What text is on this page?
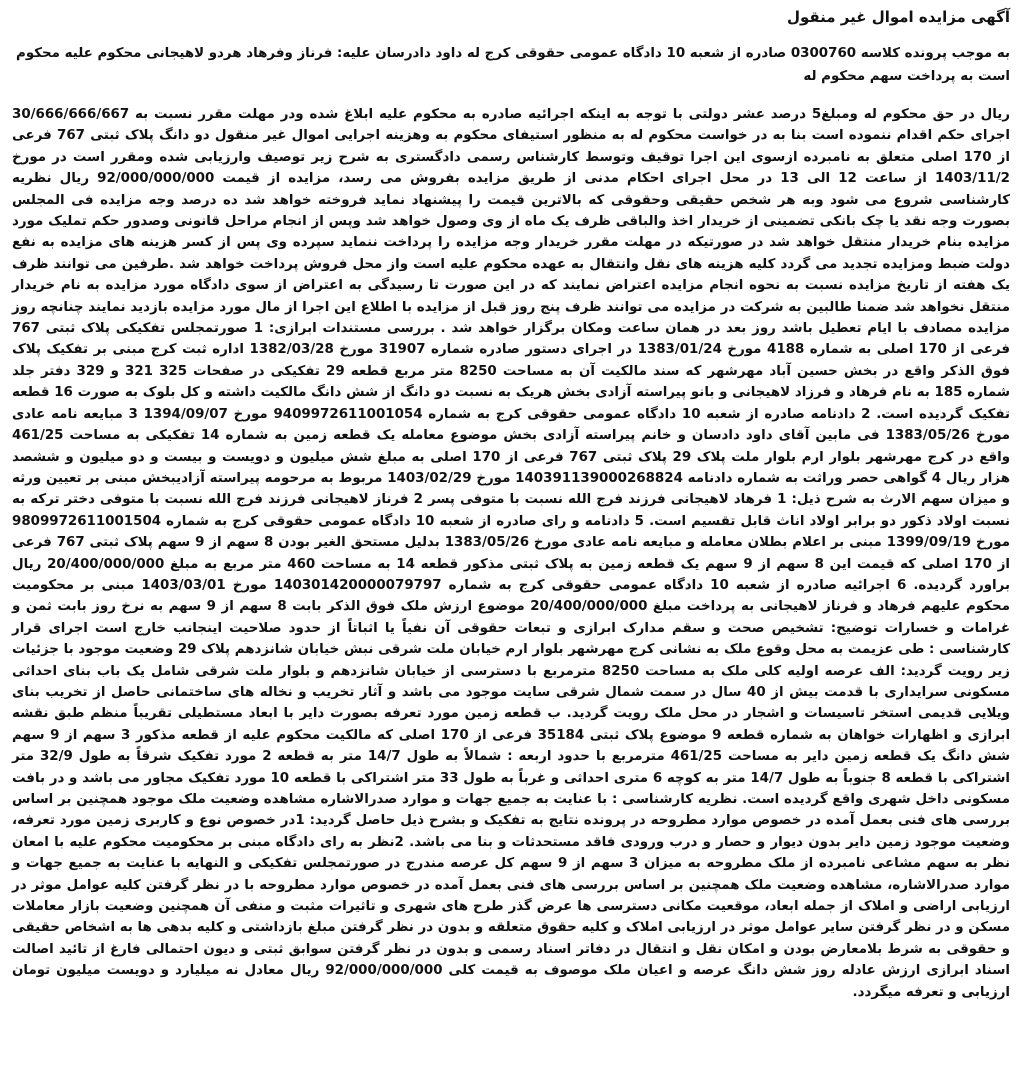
آگهی مزایده اموال غیر منقول
به موجب پرونده کلاسه 0300760 صادره از شعبه 10 دادگاه عمومی حقوقی کرج له داود دادرسان علیه: فرناز وفرهاد هردو لاهیجانی محکوم علیه محکوم است به پرداخت سهم محکوم له

ریال در حق محکوم له ومبلغ5 درصد عشر دولتی با توجه به اینکه اجرائیه صادره به محکوم علیه ابلاغ شده ودر مهلت مقرر نسبت به 30/666/666/667 اجرای حکم اقدام ننموده است بنا به در خواست محکوم له به منظور استیفای محکوم به وهزینه اجرایی اموال غیر منقول دو دانگ پلاک ثبتی 767 فرعی از 170 اصلی متعلق به نامبرده ازسوی این اجرا توقیف وتوسط کارشناس رسمی دادگستری به شرح زیر توصیف وارزیابی شده ومقرر است در مورخ 1403/11/2 از ساعت 12 الی 13 در محل اجرای احکام مدنی از طریق مزایده بفروش می رسد، مزایده از قیمت 92/000/000/000 ریال نظریه کارشناسی شروع می شود وبه هر شخص حقیقی وحقوقی که بالاترین قیمت را پیشنهاد نماید فروخته خواهد شد ده درصد وجه مزایده فی المجلس بصورت وجه نقد یا چک بانکی تضمینی از خریدار اخذ والباقی ظرف یک ماه از وی وصول خواهد شد وپس از انجام مراحل قانونی وصدور حکم تملیک مورد مزایده بنام خریدار منتقل خواهد شد در صورتیکه در مهلت مقرر خریدار وجه مزایده را پرداخت ننماید سپرده وی پس از کسر هزینه های مزایده به نفع دولت ضبط ومزایده تجدید می گردد کلیه هزینه های نقل وانتقال به عهده محکوم علیه است واز محل فروش پرداخت خواهد شد .طرفین می توانند ظرف یک هفته از تاریخ مزایده نسبت به نحوه انجام مزایده اعتراض نمایند که در این صورت تا رسیدگی به اعتراض از سوی دادگاه مورد مزایده به نام خریدار منتقل نخواهد شد ضمنا طالبین به شرکت در مزایده می توانند ظرف پنج روز قبل از مزایده با اطلاع این اجرا از مال مورد مزایده بازدید نمایند چنانچه روز مزایده مصادف با ایام تعطیل باشد روز بعد در همان ساعت ومکان برگزار خواهد شد . بررسی مستندات ابرازی: 1 صورتمجلس تفکیکی پلاک ثبتی 767 فرعی از 170 اصلی به شماره 4188 مورخ 1383/01/24 در اجرای دستور صادره شماره 31907 مورخ 1382/03/28 اداره ثبت کرج مبنی بر تفکیک پلاک فوق الذکر واقع در بخش حسین آباد مهرشهر که سند مالکیت آن به مساحت 8250 متر مربع قطعه 29 تفکیکی در صفحات 325 321 و 329 دفتر جلد شماره 185 به نام فرهاد و فرزاد لاهیجانی و بانو پیراسته آزادی بخش هریک به نسبت دو دانگ از شش دانگ مالکیت داشته و کل بلوک به صورت 16 قطعه تفکیک گردیده است. 2 دادنامه صادره از شعبه 10 دادگاه عمومی حقوقی کرج به شماره 9409972611001054 مورخ 1394/09/07 3 مبایعه نامه عادی مورخ 1383/05/26 فی مابین آقای داود دادسان و خانم پیراسته آزادی بخش موضوع معامله یک قطعه زمین به شماره 14 تفکیکی به مساحت 461/25 واقع در کرج مهرشهر بلوار ارم بلوار ملت پلاک 29 پلاک ثبتی 767 فرعی از 170 اصلی به مبلغ شش میلیون و دویست و بیست و دو میلیون و ششصد هزار ریال 4 گواهی حصر وراثت به شماره دادنامه 140391139000268824 مورخ 1403/02/29 مربوط به مرحومه پیراسته آزادیبخش مبنی بر تعیین ورثه و میزان سهم الارث به شرح ذیل: 1 فرهاد لاهیجانی فرزند فرج الله نسبت با متوفی پسر 2 فرناز لاهیجانی فرزند فرج الله نسبت با متوفی دختر ترکه به نسبت اولاد ذکور دو برابر اولاد اناث قابل تقسیم است. 5 دادنامه و رای صادره از شعبه 10 دادگاه عمومی حقوقی کرج به شماره 9809972611001504 مورخ 1399/09/19 مبنی بر اعلام بطلان معامله و مبایعه نامه عادی مورخ 1383/05/26 بدلیل مستحق الغیر بودن 8 سهم از 9 سهم پلاک ثبتی 767 فرعی از 170 اصلی که قیمت این 8 سهم از 9 سهم یک قطعه زمین به پلاک ثبتی مذکور قطعه 14 به مساحت 460 متر مربع به مبلغ 20/400/000/000 ریال براورد گردیده. 6 اجرائیه صادره از شعبه 10 دادگاه عمومی حقوقی کرج به شماره 140301420000079797 مورخ 1403/03/01 مبنی بر محکومیت محکوم علیهم فرهاد و فرناز لاهیجانی به پرداخت مبلغ 20/400/000/000 موضوع ارزش ملک فوق الذکر بابت 8 سهم از 9 سهم به نرخ روز بابت ثمن و غرامات و خسارات توضیح: تشخیص صحت و سقم مدارک ابرازی و تبعات حقوقی آن نفیاً یا اثباتاً از حدود صلاحیت اینجانب خارج است اجرای قرار کارشناسی : طی عزیمت به محل وقوع ملک به نشانی کرج مهرشهر بلوار ارم خیابان ملت شرقی نبش خیابان شانزدهم پلاک 29 وضعیت موجود با جزئیات زیر رویت گردید: الف عرصه اولیه کلی ملک به مساحت 8250 مترمربع با دسترسی از خیابان شانزدهم و بلوار ملت شرقی شامل یک باب بنای احداثی مسکونی سرایداری با قدمت بیش از 40 سال در سمت شمال شرقی سایت موجود می باشد و آثار تخریب و نخاله های ساختمانی حاصل از تخریب بنای ویلایی قدیمی استخر تاسیسات و اشجار در محل ملک رویت گردید. ب قطعه زمین مورد تعرفه بصورت دایر با ابعاد مستطیلی تقریباً منظم طبق نقشه ابرازی و اظهارات خواهان به شماره قطعه 9 موضوع پلاک ثبتی 35184 فرعی از 170 اصلی که مالکیت محکوم علیه از قطعه مذکور 3 سهم از 9 سهم شش دانگ یک قطعه زمین دایر به مساحت 461/25 مترمربع با حدود اربعه : شمالاً به طول 14/7 متر به قطعه 2 مورد تفکیک شرقاً به طول 32/9 متر اشتراکی با قطعه 8 جنوباً به طول 14/7 متر به کوچه 6 متری احداثی و غرباً به طول 33 متر اشتراکی با قطعه 10 مورد تفکیک مجاور می باشد و در بافت مسکونی داخل شهری واقع گردیده است. نظریه کارشناسی : با عنایت به جمیع جهات و موارد صدرالاشاره مشاهده وضعیت ملک موجود همچنین بر اساس بررسی های فنی بعمل آمده در خصوص موارد مطروحه در پرونده نتایج به تفکیک و بشرح ذیل حاصل گردید: 1در خصوص نوع و کاربری زمین مورد تعرفه، وضعیت موجود زمین دایر بدون دیوار و حصار و درب ورودی فاقد مستحدثات و بنا می باشد. 2نظر به رای دادگاه مبنی بر محکومیت محکوم علیه با امعان نظر به سهم مشاعی نامبرده از ملک مطروحه به میزان 3 سهم از 9 سهم کل عرصه مندرج در صورتمجلس تفکیکی و النهایه با عنایت به جمیع جهات و موارد صدرالاشاره، مشاهده وضعیت ملک همچنین بر اساس بررسی های فنی بعمل آمده در خصوص موارد مطروحه با در نظر گرفتن کلیه عوامل موثر در ارزیابی اراضی و املاک از جمله ابعاد، موقعیت مکانی دسترسی ها عرض گذر طرح های شهری و تاثیرات مثبت و منفی آن همچنین وضعیت بازار معاملات مسکن و در نظر گرفتن سایر عوامل موثر در ارزیابی املاک و کلیه حقوق متعلقه و بدون در نظر گرفتن مبلغ بازداشتی و کلیه بدهی ها به اشخاص حقیقی و حقوقی به شرط بلامعارض بودن و امکان نقل و انتقال در دفاتر اسناد رسمی و بدون در نظر گرفتن سوابق ثبتی و دیون احتمالی فارغ از تائید اصالت اسناد ابرازی ارزش عادله روز شش دانگ عرصه و اعیان ملک موصوف به قیمت کلی 92/000/000/000 ریال معادل نه میلیارد و دویست میلیون تومان ارزیابی و تعرفه میگردد.
